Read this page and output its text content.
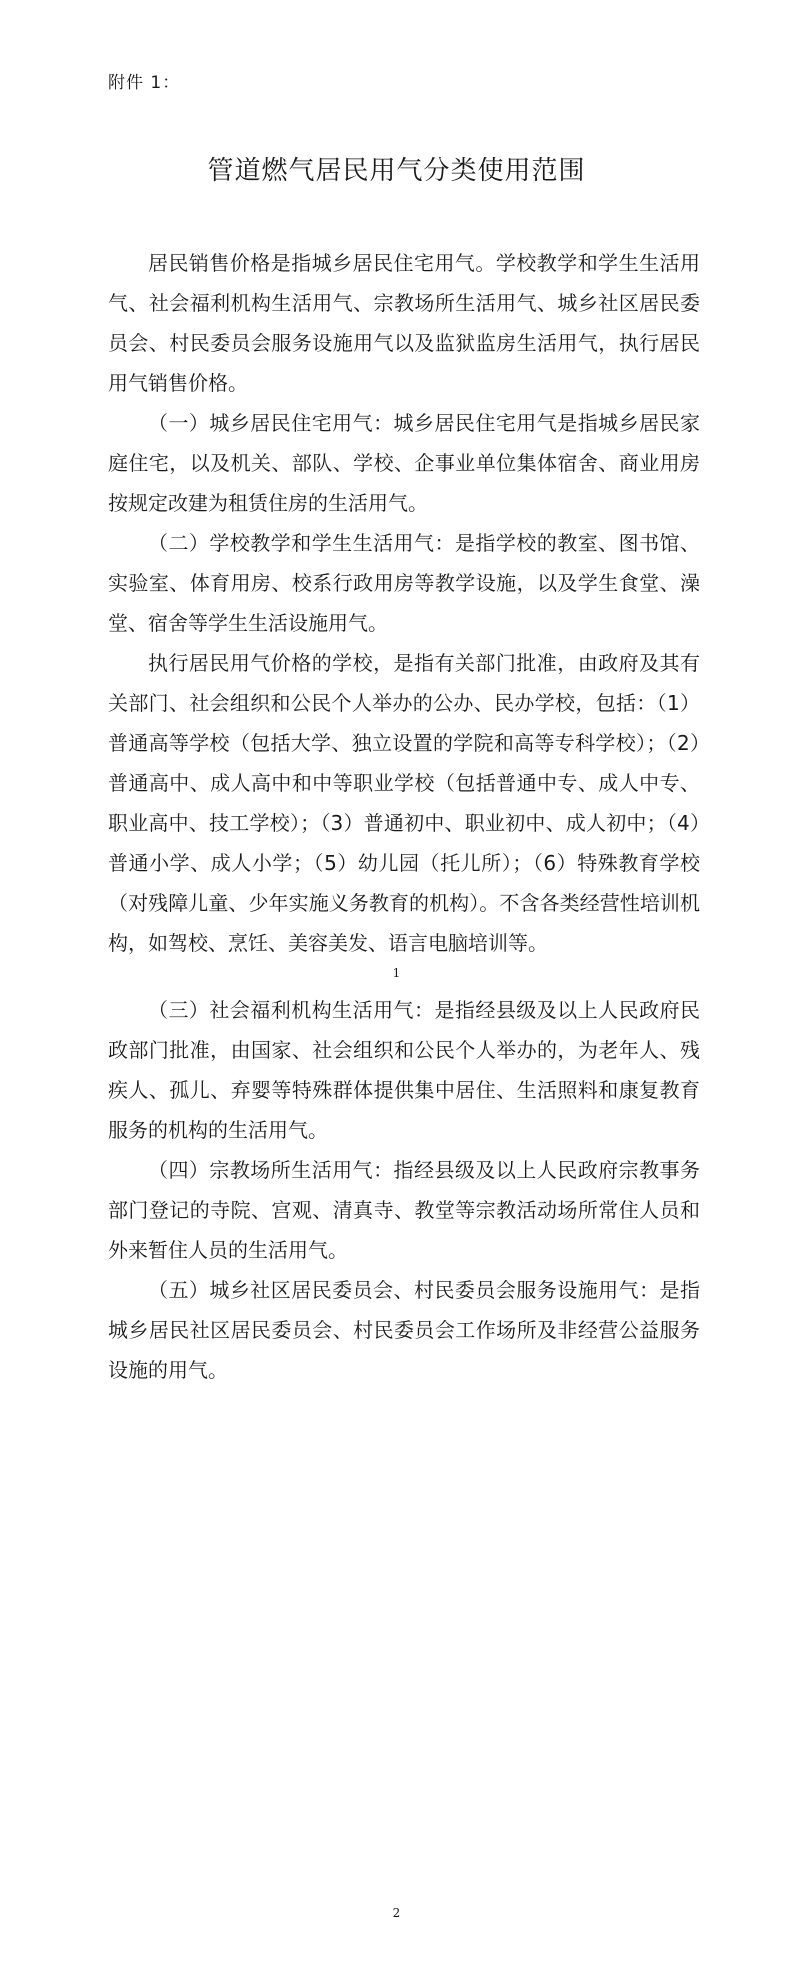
附件 1：
管道燃气居民用气分类使用范围

居民销售价格是指城乡居民住宅用气。学校教学和学生生活用气、社会福利机构生活用气、宗教场所生活用气、城乡社区居民委员会、村民委员会服务设施用气以及监狱监房生活用气，执行居民用气销售价格。

（一）城乡居民住宅用气：城乡居民住宅用气是指城乡居民家庭住宅，以及机关、部队、学校、企事业单位集体宿舍、商业用房按规定改建为租赁住房的生活用气。

（二）学校教学和学生生活用气：是指学校的教室、图书馆、实验室、体育用房、校系行政用房等教学设施，以及学生食堂、澡堂、宿舍等学生生活设施用气。

执行居民用气价格的学校，是指有关部门批准，由政府及其有关部门、社会组织和公民个人举办的公办、民办学校，包括：（1）普通高等学校（包括大学、独立设置的学院和高等专科学校）；（2）普通高中、成人高中和中等职业学校（包括普通中专、成人中专、职业高中、技工学校）；（3）普通初中、职业初中、成人初中；（4）普通小学、成人小学；（5）幼儿园（托儿所）；（6）特殊教育学校（对残障儿童、少年实施义务教育的机构）。不含各类经营性培训机构，如驾校、烹饪、美容美发、语言电脑培训等。

1

（三）社会福利机构生活用气：是指经县级及以上人民政府民政部门批准，由国家、社会组织和公民个人举办的，为老年人、残疾人、孤儿、弃婴等特殊群体提供集中居住、生活照料和康复教育服务的机构的生活用气。

（四）宗教场所生活用气：指经县级及以上人民政府宗教事务部门登记的寺院、宫观、清真寺、教堂等宗教活动场所常住人员和外来暂住人员的生活用气。

（五）城乡社区居民委员会、村民委员会服务设施用气：是指城乡居民社区居民委员会、村民委员会工作场所及非经营公益服务设施的用气。

2
